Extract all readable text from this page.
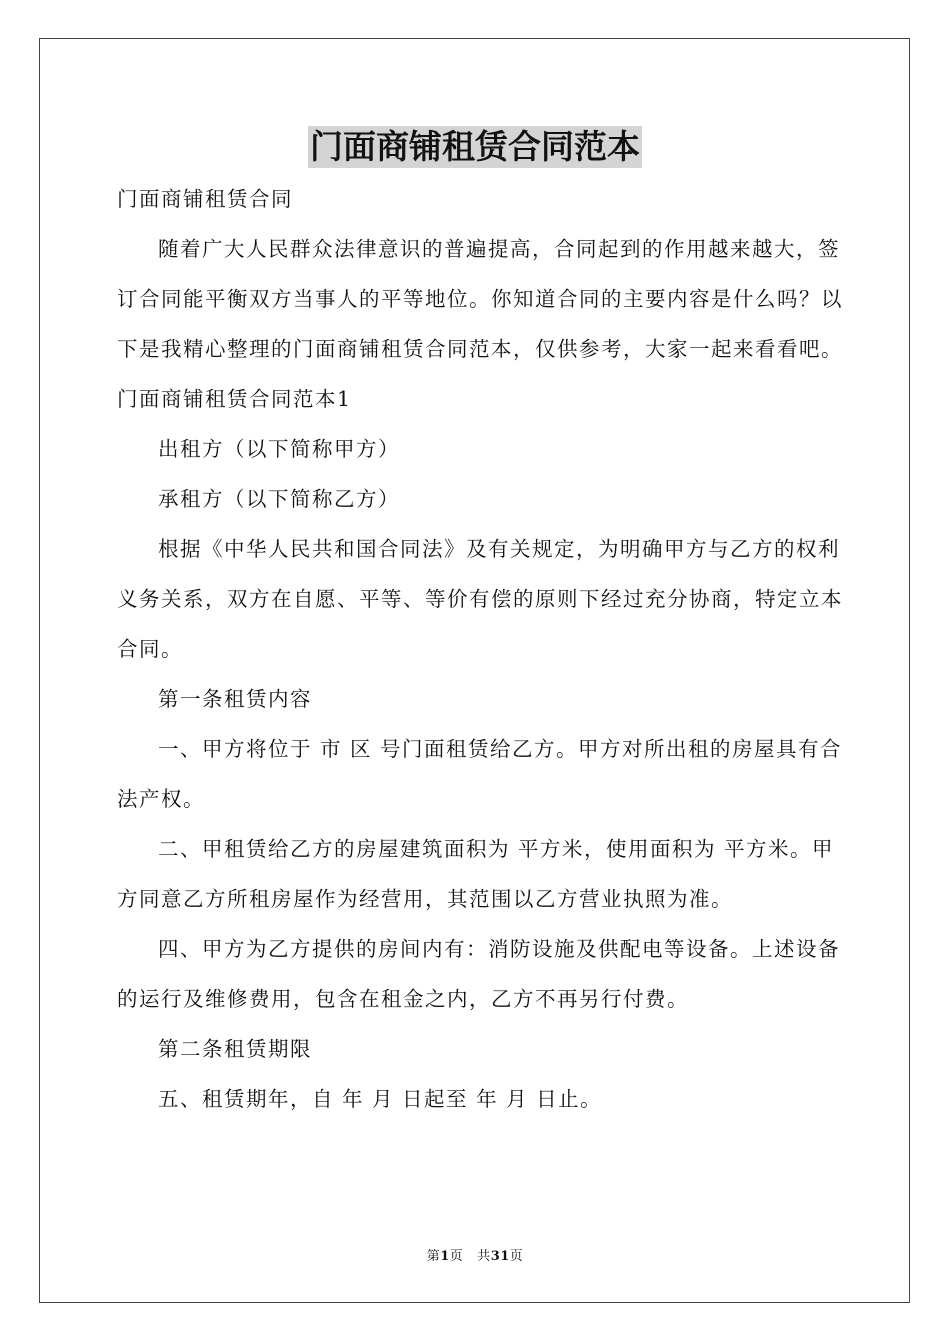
门面商铺租赁合同范本

门面商铺租赁合同

随着广大人民群众法律意识的普遍提高，合同起到的作用越来越大，签订合同能平衡双方当事人的平等地位。你知道合同的主要内容是什么吗？以下是我精心整理的门面商铺租赁合同范本，仅供参考，大家一起来看看吧。

门面商铺租赁合同范本1

出租方（以下简称甲方）

承租方（以下简称乙方）

根据《中华人民共和国合同法》及有关规定，为明确甲方与乙方的权利义务关系，双方在自愿、平等、等价有偿的原则下经过充分协商，特定立本合同。

第一条租赁内容

一、甲方将位于 市 区 号门面租赁给乙方。甲方对所出租的房屋具有合法产权。

二、甲租赁给乙方的房屋建筑面积为 平方米，使用面积为 平方米。甲方同意乙方所租房屋作为经营用，其范围以乙方营业执照为准。

四、甲方为乙方提供的房间内有：消防设施及供配电等设备。上述设备的运行及维修费用，包含在租金之内，乙方不再另行付费。

第二条租赁期限

五、租赁期年，自 年 月 日起至 年 月 日止。

第1页 共31页
